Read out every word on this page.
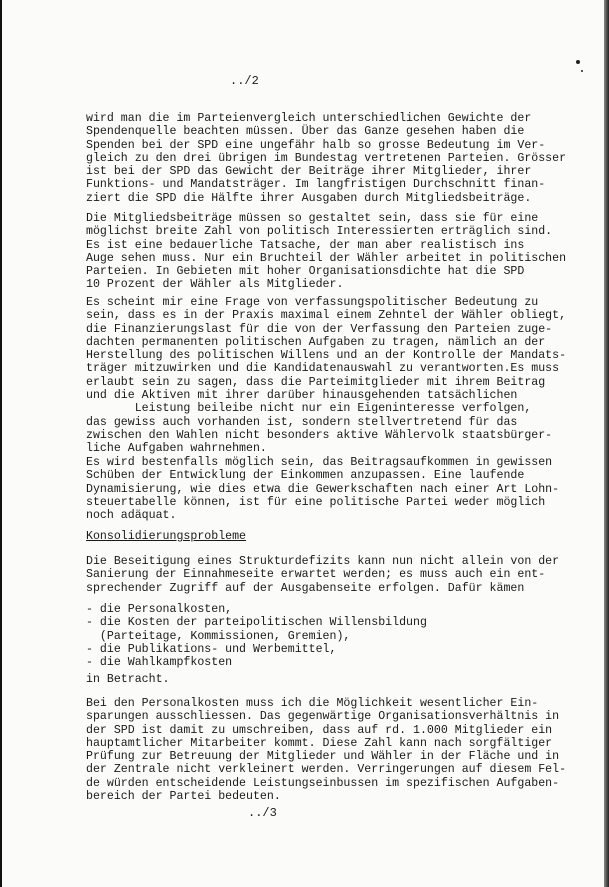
../2

wird man die im Parteienvergleich unterschiedlichen Gewichte der
Spendenquelle beachten müssen. Über das Ganze gesehen haben die
Spenden bei der SPD eine ungefähr halb so grosse Bedeutung im Ver-
gleich zu den drei übrigen im Bundestag vertretenen Parteien. Grösser
ist bei der SPD das Gewicht der Beiträge ihrer Mitglieder, ihrer
Funktions- und Mandatsträger. Im langfristigen Durchschnitt finan-
ziert die SPD die Hälfte ihrer Ausgaben durch Mitgliedsbeiträge.

Die Mitgliedsbeiträge müssen so gestaltet sein, dass sie für eine
möglichst breite Zahl von politisch Interessierten erträglich sind.
Es ist eine bedauerliche Tatsache, der man aber realistisch ins
Auge sehen muss. Nur ein Bruchteil der Wähler arbeitet in politischen
Parteien. In Gebieten mit hoher Organisationsdichte hat die SPD
10 Prozent der Wähler als Mitglieder.

Es scheint mir eine Frage von verfassungspolitischer Bedeutung zu
sein, dass es in der Praxis maximal einem Zehntel der Wähler obliegt,
die Finanzierungslast für die von der Verfassung den Parteien zuge-
dachten permanenten politischen Aufgaben zu tragen, nämlich an der
Herstellung des politischen Willens und an der Kontrolle der Mandats-
träger mitzuwirken und die Kandidatenauswahl zu verantworten.Es muss
erlaubt sein zu sagen, dass die Parteimitglieder mit ihrem Beitrag
und die Aktiven mit ihrer darüber hinausgehenden tatsächlichen
Leistung beileibe nicht nur ein Eigeninteresse verfolgen,
das gewiss auch vorhanden ist, sondern stellvertretend für das
zwischen den Wahlen nicht besonders aktive Wählervolk staatsbürger-
liche Aufgaben wahrnehmen.

Es wird bestenfalls möglich sein, das Beitragsaufkommen in gewissen
Schüben der Entwicklung der Einkommen anzupassen. Eine laufende
Dynamisierung, wie dies etwa die Gewerkschaften nach einer Art Lohn-
steuertabelle können, ist für eine politische Partei weder möglich
noch adäquat.

Konsolidierungsprobleme

Die Beseitigung eines Strukturdefizits kann nun nicht allein von der
Sanierung der Einnahmeseite erwartet werden; es muss auch ein ent-
sprechender Zugriff auf der Ausgabenseite erfolgen. Dafür kämen

- die Personalkosten,
- die Kosten der parteipolitischen Willensbildung
(Parteitage, Kommissionen, Gremien),
- die Publikations- und Werbemittel,
- die Wahlkampfkosten

in Betracht.

Bei den Personalkosten muss ich die Möglichkeit wesentlicher Ein-
sparungen ausschliessen. Das gegenwärtige Organisationsverhältnis in
der SPD ist damit zu umschreiben, dass auf rd. 1.000 Mitglieder ein
hauptamtlicher Mitarbeiter kommt. Diese Zahl kann nach sorgfältiger
Prüfung zur Betreuung der Mitglieder und Wähler in der Fläche und in
der Zentrale nicht verkleinert werden. Verringerungen auf diesem Fel-
de würden entscheidende Leistungseinbussen im spezifischen Aufgaben-
bereich der Partei bedeuten.

../3
